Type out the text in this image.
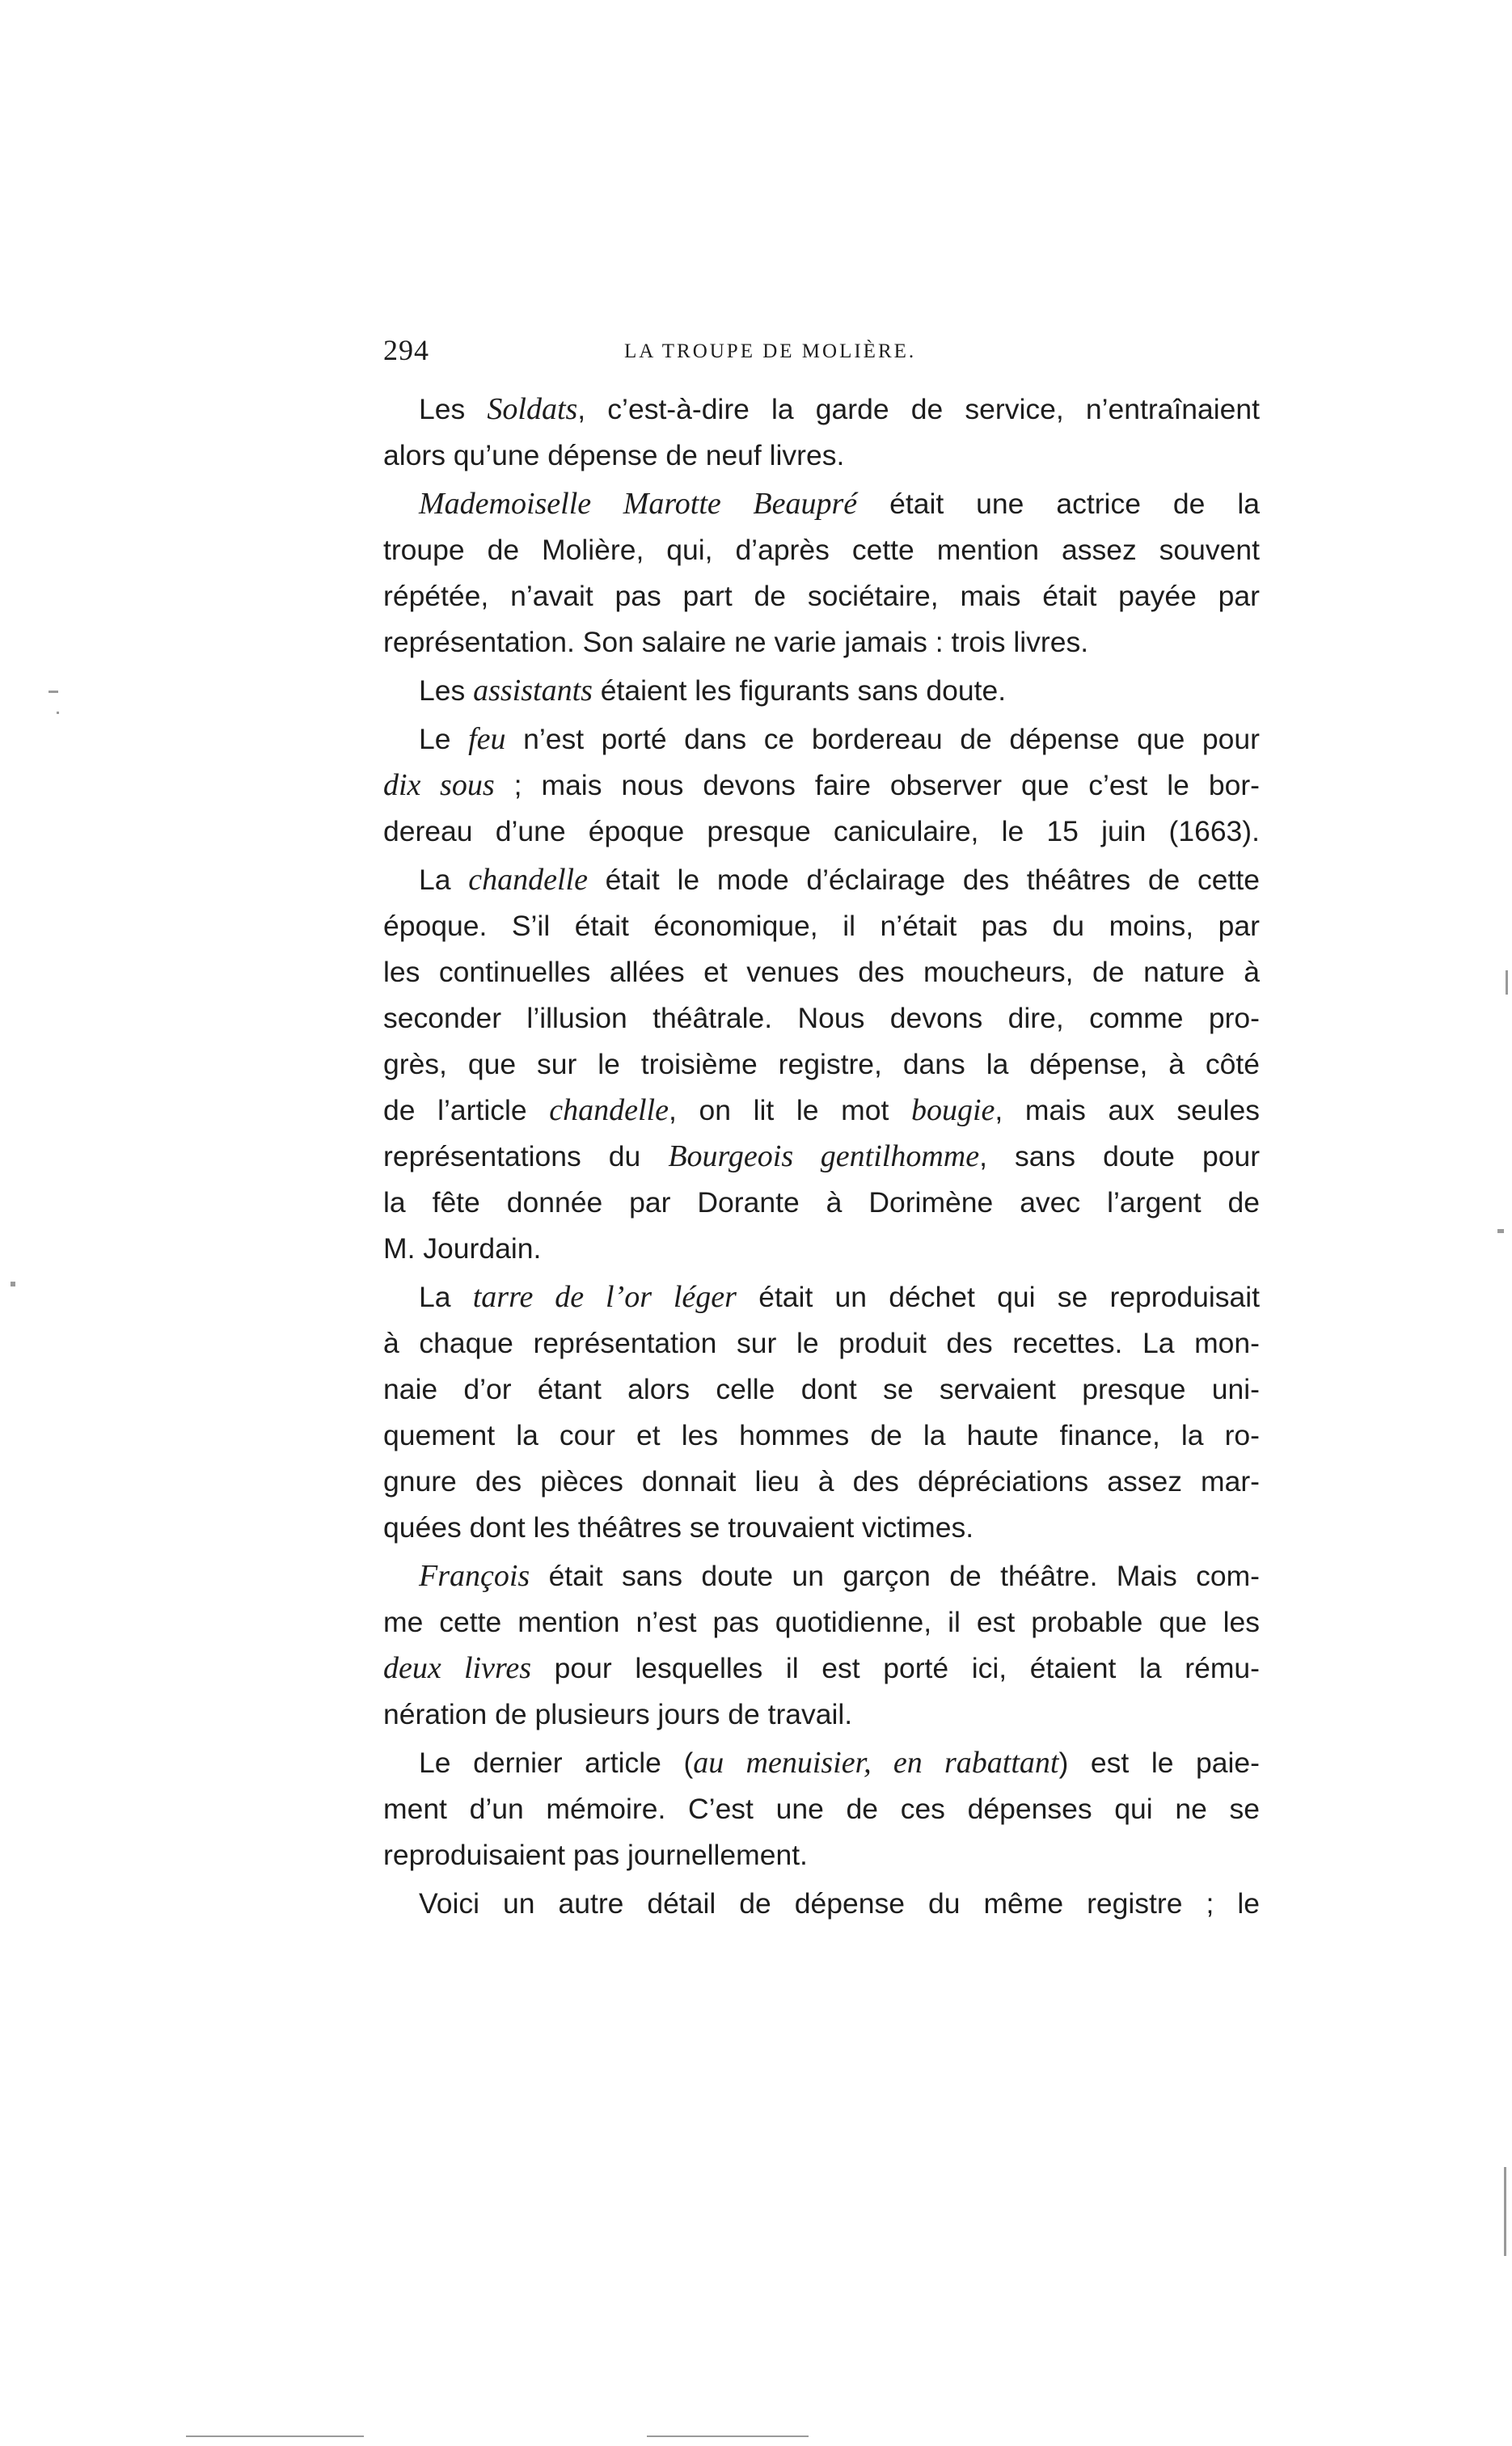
294	LA TROUPE DE MOLIÈRE.
Les Soldats, c’est-à-dire la garde de service, n’entraînaient
alors qu’une dépense de neuf livres.
Mademoiselle Marotte Beaupré était une actrice de la
troupe de Molière, qui, d’après cette mention assez souvent
répétée, n’avait pas part de sociétaire, mais était payée par
représentation. Son salaire ne varie jamais : trois livres.
Les assistants étaient les figurants sans doute.
Le feu n’est porté dans ce bordereau de dépense que pour
dix sous ; mais nous devons faire observer que c’est le bor-
dereau d’une époque presque caniculaire, le 15 juin (1663).
La chandelle était le mode d’éclairage des théâtres de cette
époque. S’il était économique, il n’était pas du moins, par
les continuelles allées et venues des moucheurs, de nature à
seconder l’illusion théâtrale. Nous devons dire, comme pro-
grès, que sur le troisième registre, dans la dépense, à côté
de l’article chandelle, on lit le mot bougie, mais aux seules
représentations du Bourgeois gentilhomme, sans doute pour
la fête donnée par Dorante à Dorimène avec l’argent de
M. Jourdain.
La tarre de l’or léger était un déchet qui se reproduisait
à chaque représentation sur le produit des recettes. La mon-
naie d’or étant alors celle dont se servaient presque uni-
quement la cour et les hommes de la haute finance, la ro-
gnure des pièces donnait lieu à des dépréciations assez mar-
quées dont les théâtres se trouvaient victimes.
François était sans doute un garçon de théâtre. Mais com-
me cette mention n’est pas quotidienne, il est probable que les
deux livres pour lesquelles il est porté ici, étaient la rému-
nération de plusieurs jours de travail.
Le dernier article (au menuisier, en rabattant) est le paie-
ment d’un mémoire. C’est une de ces dépenses qui ne se
reproduisaient pas journellement.
Voici un autre détail de dépense du même registre ; le
